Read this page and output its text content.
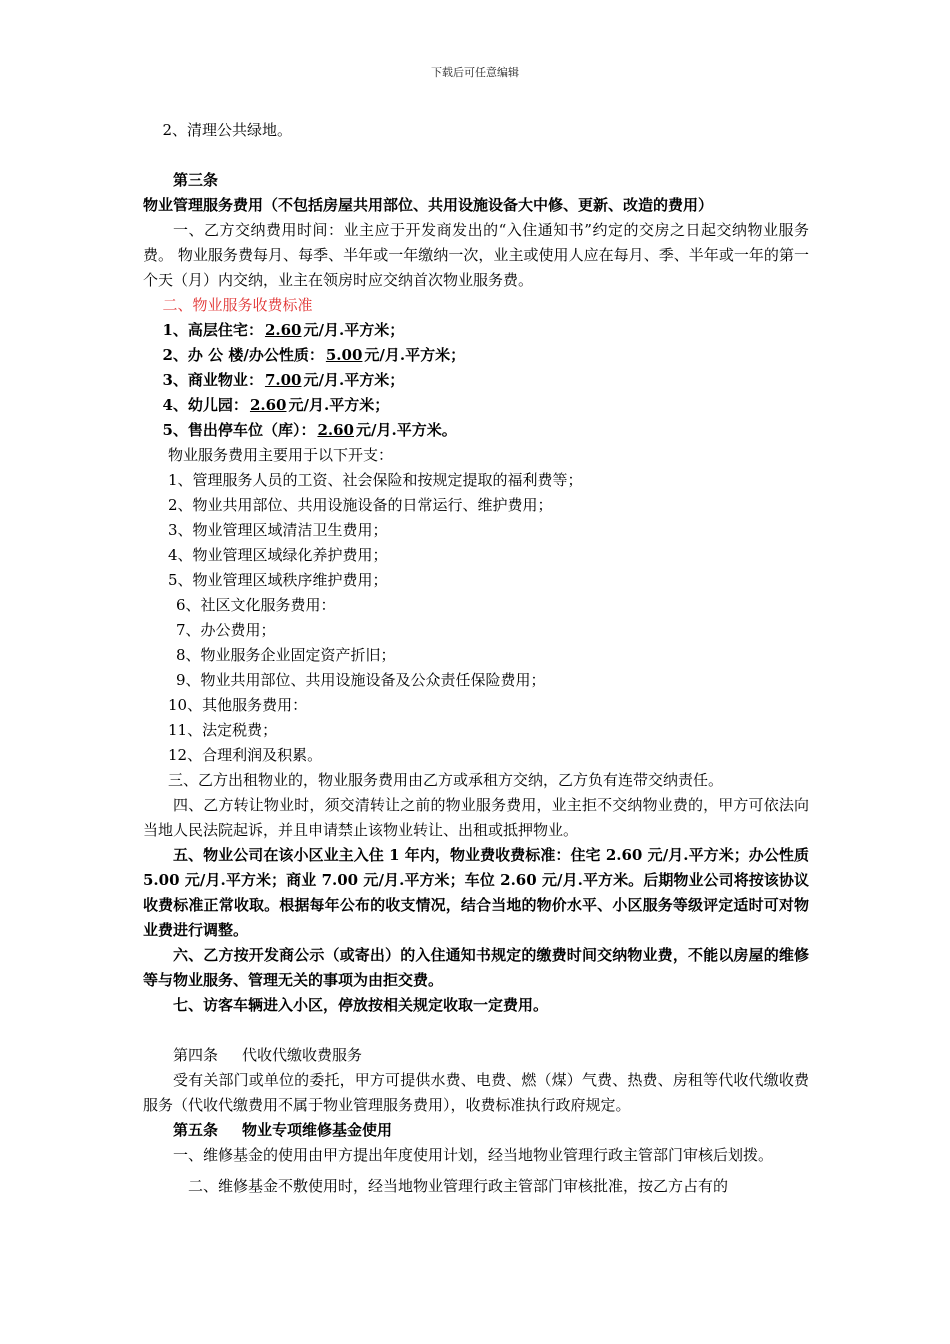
下载后可任意编辑

2、清理公共绿地。

第三条物业管理服务费用（不包括房屋共用部位、共用设施设备大中修、更新、改造的费用）

一、乙方交纳费用时间：业主应于开发商发出的“入住通知书”约定的交房之日起交纳物业服务费。 物业服务费每月、每季、半年或一年缴纳一次，业主或使用人应在每月、季、半年或一年的第一个天（月）内交纳，业主在领房时应交纳首次物业服务费。

二、物业服务收费标准

1、高层住宅： 2.60 元/月.平方米；

2、办 公 楼/办公性质： 5.00 元/月.平方米；

3、商业物业： 7.00 元/月.平方米；

4、幼儿园： 2.60 元/月.平方米；

5、售出停车位（库）： 2.60 元/月.平方米。

物业服务费用主要用于以下开支：

1、管理服务人员的工资、社会保险和按规定提取的福利费等；

2、物业共用部位、共用设施设备的日常运行、维护费用；

3、物业管理区域清洁卫生费用；

4、物业管理区域绿化养护费用；

5、物业管理区域秩序维护费用；

6、社区文化服务费用：

7、办公费用；

8、物业服务企业固定资产折旧；

9、物业共用部位、共用设施设备及公众责任保险费用；

10、其他服务费用：

11、法定税费；

12、合理利润及积累。

三、乙方出租物业的，物业服务费用由乙方或承租方交纳，乙方负有连带交纳责任。

四、乙方转让物业时，须交清转让之前的物业服务费用，业主拒不交纳物业费的，甲方可依法向当地人民法院起诉，并且申请禁止该物业转让、出租或抵押物业。

五、物业公司在该小区业主入住 1 年内，物业费收费标准：住宅 2.60 元/月.平方米；办公性质 5.00 元/月.平方米；商业 7.00 元/月.平方米；车位 2.60 元/月.平方米。后期物业公司将按该协议收费标准正常收取。根据每年公布的收支情况，结合当地的物价水平、小区服务等级评定适时可对物业费进行调整。

六、乙方按开发商公示（或寄出）的入住通知书规定的缴费时间交纳物业费，不能以房屋的维修等与物业服务、管理无关的事项为由拒交费。

七、访客车辆进入小区，停放按相关规定收取一定费用。

第四条 代收代缴收费服务

受有关部门或单位的委托，甲方可提供水费、电费、燃（煤）气费、热费、房租等代收代缴收费服务（代收代缴费用不属于物业管理服务费用），收费标准执行政府规定。

第五条 物业专项维修基金使用

一、维修基金的使用由甲方提出年度使用计划，经当地物业管理行政主管部门审核后划拨。

二、维修基金不敷使用时，经当地物业管理行政主管部门审核批准，按乙方占有的
